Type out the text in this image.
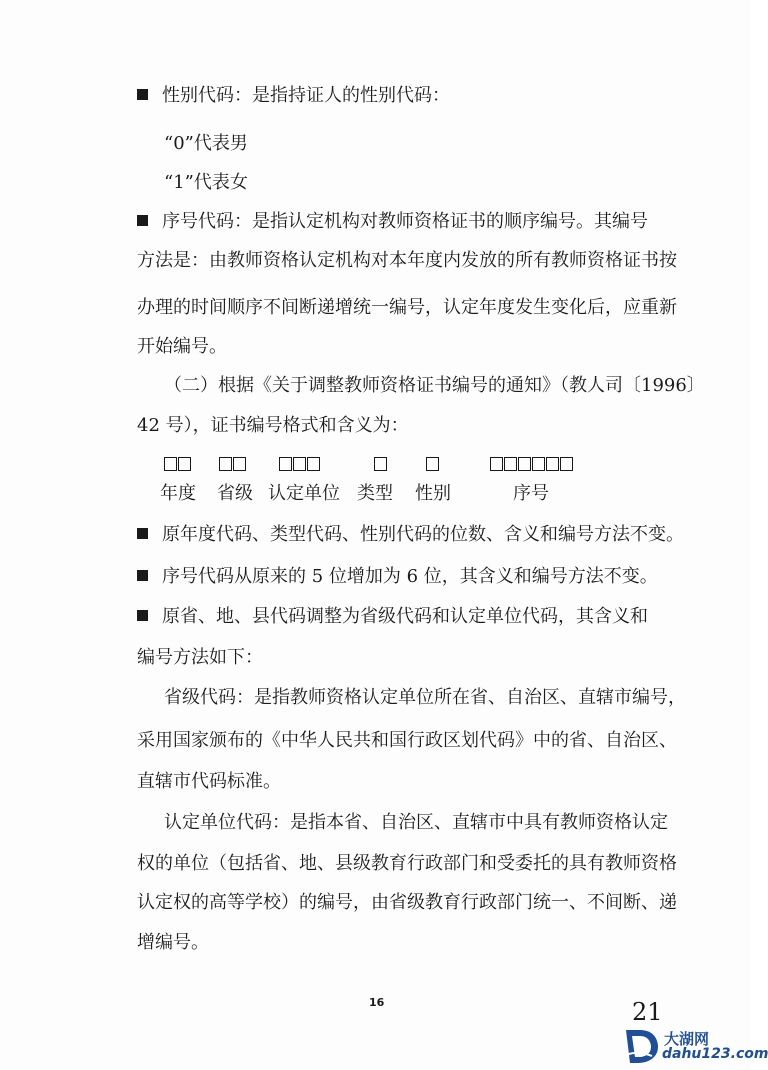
性别代码：是指持证人的性别代码：
“0”代表男
“1”代表女
序号代码：是指认定机构对教师资格证书的顺序编号。其编号
方法是：由教师资格认定机构对本年度内发放的所有教师资格证书按
办理的时间顺序不间断递增统一编号，认定年度发生变化后，应重新
开始编号。
（二）根据《关于调整教师资格证书编号的通知》（教人司〔1996〕
42 号），证书编号格式和含义为：
年度 省级 认定单位 类型 性别	序号
原年度代码、类型代码、性别代码的位数、含义和编号方法不变。
序号代码从原来的 5 位增加为 6 位，其含义和编号方法不变。
原省、地、县代码调整为省级代码和认定单位代码，其含义和
编号方法如下：
省级代码：是指教师资格认定单位所在省、自治区、直辖市编号，
采用国家颁布的《中华人民共和国行政区划代码》中的省、自治区、
直辖市代码标准。
认定单位代码：是指本省、自治区、直辖市中具有教师资格认定
权的单位（包括省、地、县级教育行政部门和受委托的具有教师资格
认定权的高等学校）的编号，由省级教育行政部门统一、不间断、递
增编号。
16	21
大湖网
dahu123.com
